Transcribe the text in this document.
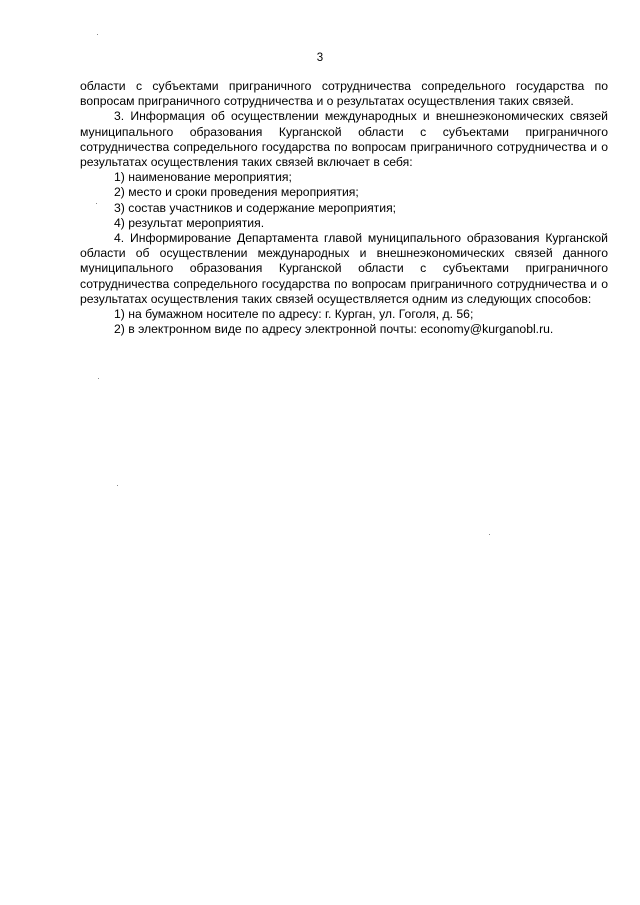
3

области с субъектами приграничного сотрудничества сопредельного государства по вопросам приграничного сотрудничества и о результатах осуществления таких связей.

3. Информация об осуществлении международных и внешнеэкономических связей муниципального образования Курганской области с субъектами приграничного сотрудничества сопредельного государства по вопросам приграничного сотрудничества и о результатах осуществления таких связей включает в себя:

1) наименование мероприятия;

2) место и сроки проведения мероприятия;

3) состав участников и содержание мероприятия;

4) результат мероприятия.

4. Информирование Департамента главой муниципального образования Курганской области об осуществлении международных и внешнеэкономических связей данного муниципального образования Курганской области с субъектами приграничного сотрудничества сопредельного государства по вопросам приграничного сотрудничества и о результатах осуществления таких связей осуществляется одним из следующих способов:

1) на бумажном носителе по адресу: г. Курган, ул. Гоголя, д. 56;

2) в электронном виде по адресу электронной почты: economy@kurganobl.ru.
